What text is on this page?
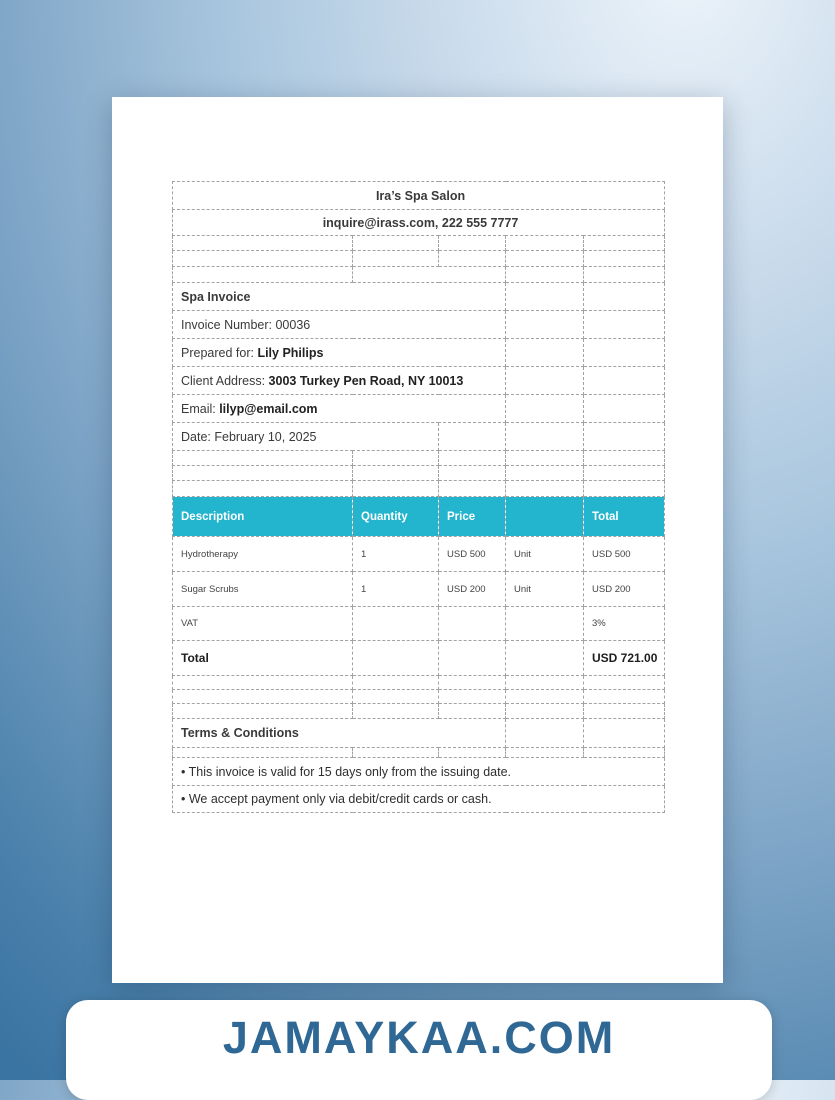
Ira’s Spa Salon				
inquire@irass.com, 222 555 7777				

Spa Invoice				
Invoice Number: 00036				
Prepared for: Lily Philips				
Client Address: 3003 Turkey Pen Road, NY 10013				
Email: lilyp@email.com				
Date: February 10, 2025				

Description	Quantity	Price		Total
Hydrotherapy	1	USD 500	Unit	USD 500
Sugar Scrubs	1	USD 200	Unit	USD 200
VAT				3%
Total				USD 721.00

Terms & Conditions				

• This invoice is valid for 15 days only from the issuing date.				
• We accept payment only via debit/credit cards or cash.				
JAMAYKAA.COM
